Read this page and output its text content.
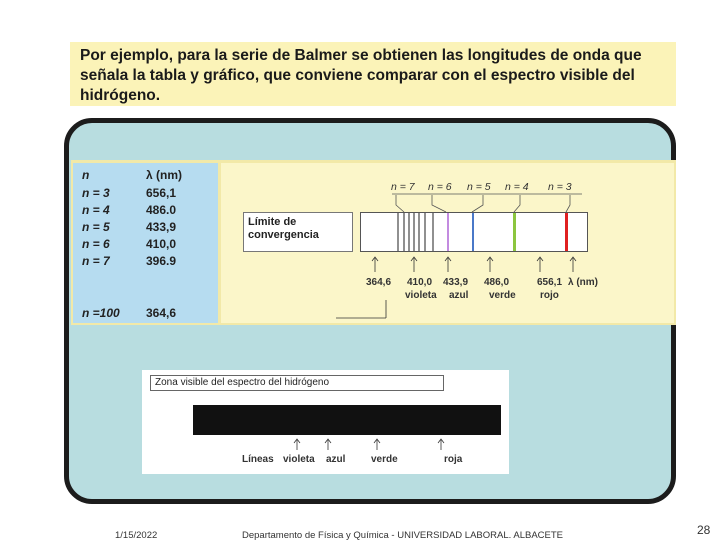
Por ejemplo, para la serie de Balmer se obtienen las longitudes de onda que señala la tabla y gráfico, que conviene comparar con el espectro visible del hidrógeno.
n	λ (nm)
n = 3	656,1
n = 4	486.0
n = 5	433,9
n = 6	410,0
n = 7	396.9
n =100 364,6
Límite de convergencia
n = 7 n = 6 n = 5 n = 4 n = 3
364,6 410,0 433,9 486,0	656,1 λ (nm)
violeta azul verde rojo
Zona visible del espectro del hidrógeno
Líneas violeta azul	verde	roja
1/15/2022	Departamento de Física y Química - UNIVERSIDAD LABORAL. ALBACETE	28
